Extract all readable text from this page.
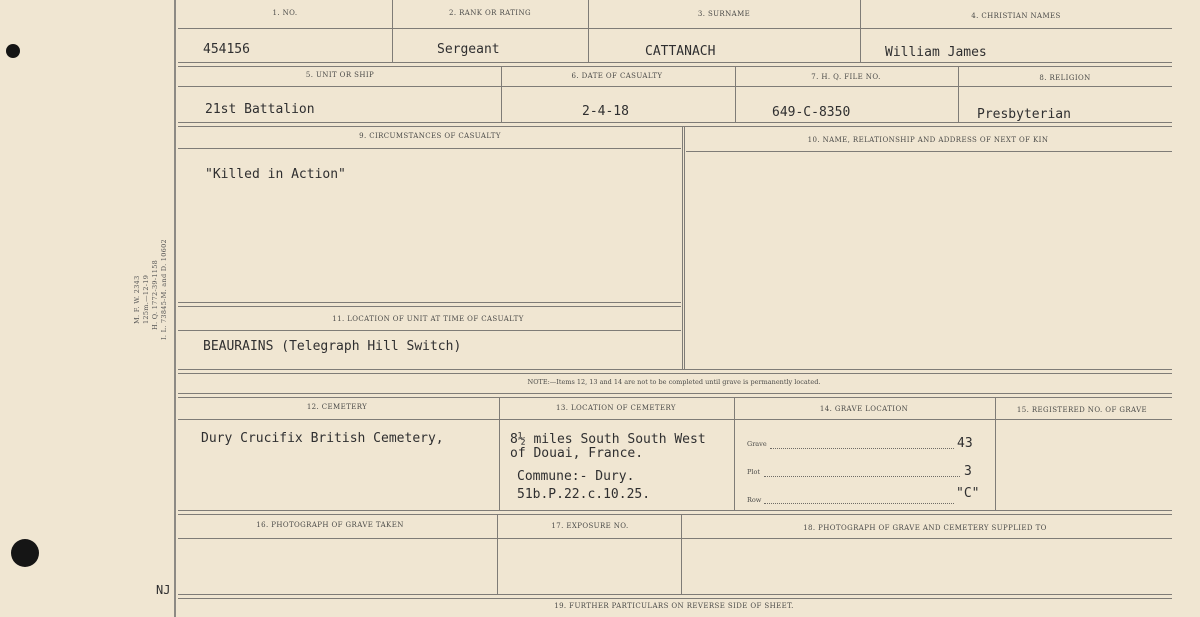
M. F. W. 2343 125m.—12-19 H. Q. 1772-39-1158 I. L. 73845-M. and D. 10602
1. NO.	2. RANK OR RATING	3. SURNAME	4. CHRISTIAN NAMES
454156	Sergeant	CATTANACH	William James
5. UNIT OR SHIP	6. DATE OF CASUALTY	7. H. Q. FILE NO.	8. RELIGION
21st Battalion	2-4-18	649-C-8350	Presbyterian
9. CIRCUMSTANCES OF CASUALTY	10. NAME, RELATIONSHIP AND ADDRESS OF NEXT OF KIN
"Killed in Action"
11. LOCATION OF UNIT AT TIME OF CASUALTY
BEAURAINS (Telegraph Hill Switch)
NOTE:—Items 12, 13 and 14 are not to be completed until grave is permanently located.
12. CEMETERY	13. LOCATION OF CEMETERY	14. GRAVE LOCATION	15. REGISTERED NO. OF GRAVE
Dury Crucifix British Cemetery,	8½ miles South South West
of Douai, France.
Commune:- Dury.
51b.P.22.c.10.25.
Grave	43
Plot	3
Row	"C"
16. PHOTOGRAPH OF GRAVE TAKEN	17. EXPOSURE NO.	18. PHOTOGRAPH OF GRAVE AND CEMETERY SUPPLIED TO
19. FURTHER PARTICULARS ON REVERSE SIDE OF SHEET.
NJ
